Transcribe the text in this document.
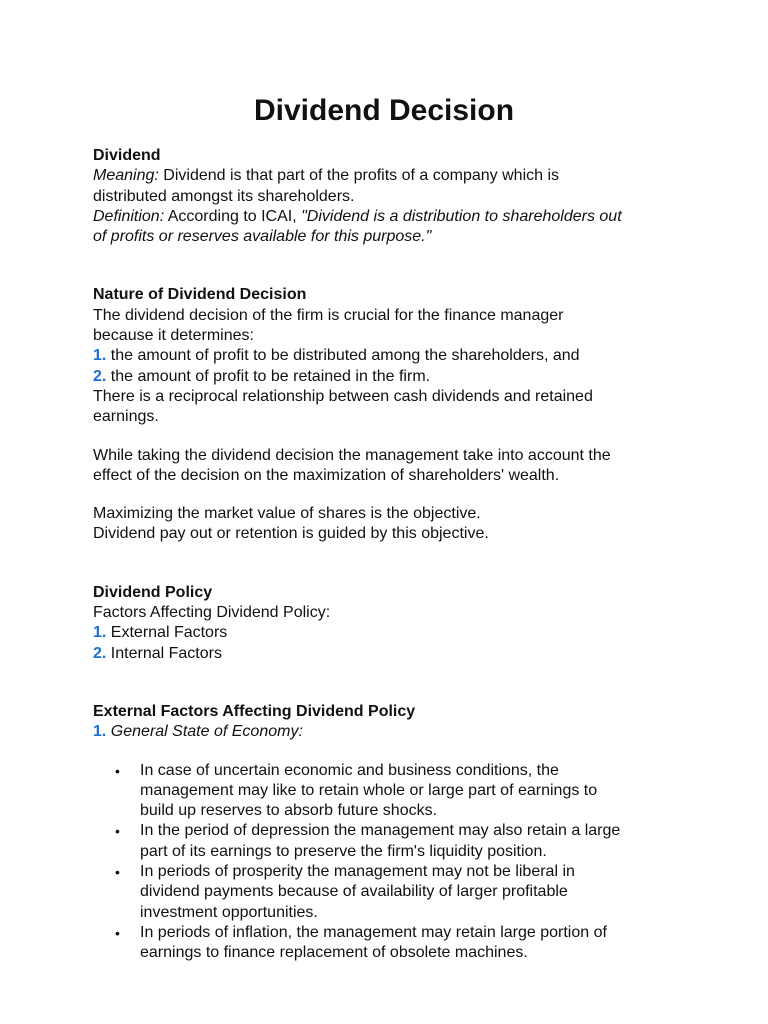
Dividend Decision
Dividend
Meaning: Dividend is that part of the profits of a company which is
distributed amongst its shareholders.
Definition: According to ICAI, "Dividend is a distribution to shareholders out
of profits or reserves available for this purpose."
Nature of Dividend Decision
The dividend decision of the firm is crucial for the finance manager
because it determines:
1. the amount of profit to be distributed among the shareholders, and
2. the amount of profit to be retained in the firm.
There is a reciprocal relationship between cash dividends and retained
earnings.
While taking the dividend decision the management take into account the
effect of the decision on the maximization of shareholders' wealth.
Maximizing the market value of shares is the objective.
Dividend pay out or retention is guided by this objective.
Dividend Policy
Factors Affecting Dividend Policy:
1. External Factors
2. Internal Factors
External Factors Affecting Dividend Policy
1. General State of Economy:
• In case of uncertain economic and business conditions, the
management may like to retain whole or large part of earnings to
build up reserves to absorb future shocks.
• In the period of depression the management may also retain a large
part of its earnings to preserve the firm's liquidity position.
• In periods of prosperity the management may not be liberal in
dividend payments because of availability of larger profitable
investment opportunities.
• In periods of inflation, the management may retain large portion of
earnings to finance replacement of obsolete machines.
